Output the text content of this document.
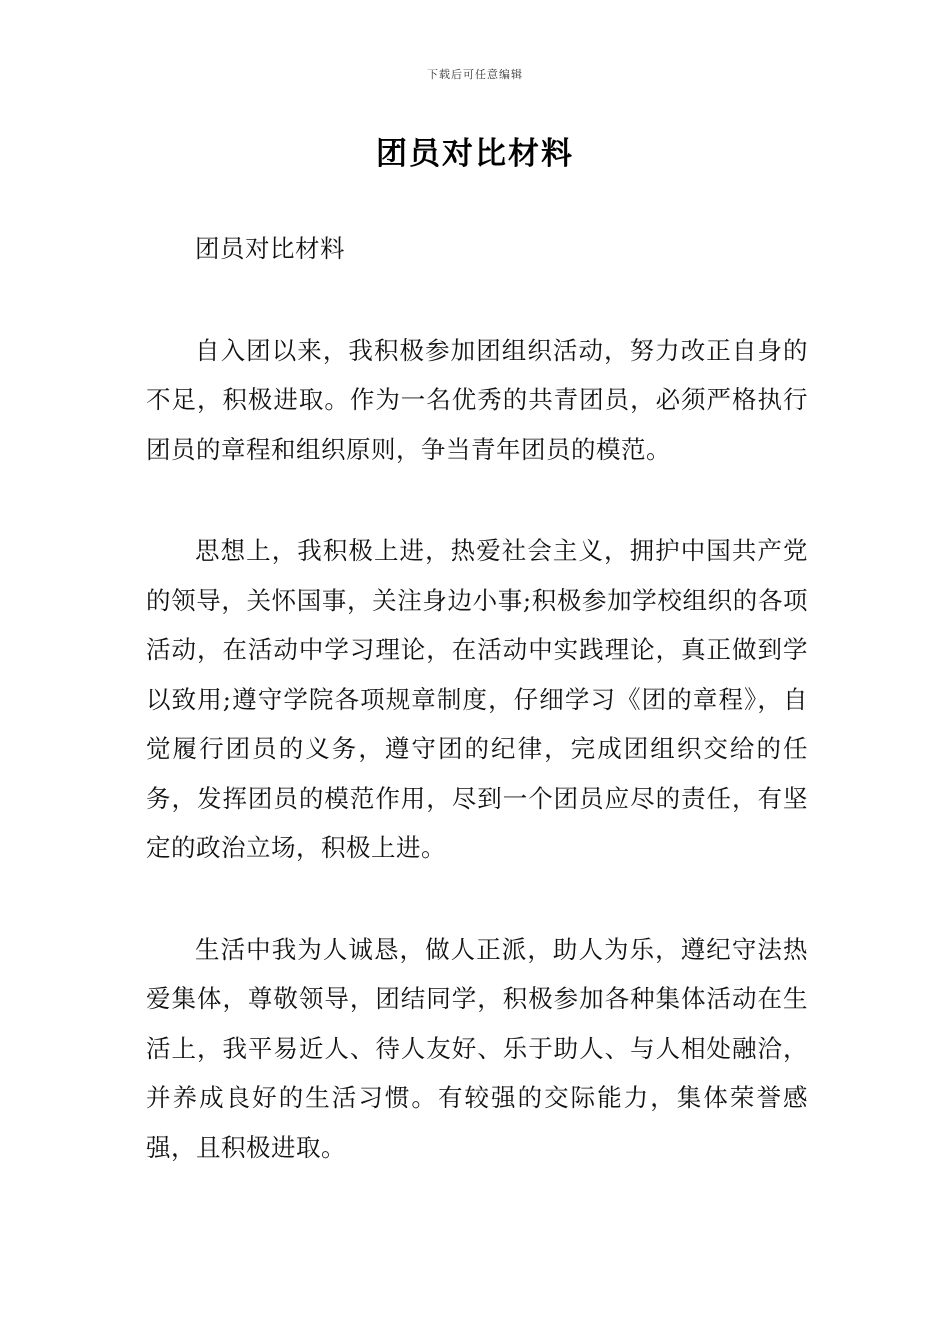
下载后可任意编辑
团员对比材料

团员对比材料

自入团以来，我积极参加团组织活动，努力改正自身的不足，积极进取。作为一名优秀的共青团员，必须严格执行团员的章程和组织原则，争当青年团员的模范。

思想上，我积极上进，热爱社会主义，拥护中国共产党的领导，关怀国事，关注身边小事;积极参加学校组织的各项活动，在活动中学习理论，在活动中实践理论，真正做到学以致用;遵守学院各项规章制度，仔细学习《团的章程》，自觉履行团员的义务，遵守团的纪律，完成团组织交给的任务，发挥团员的模范作用，尽到一个团员应尽的责任，有坚定的政治立场，积极上进。

生活中我为人诚恳，做人正派，助人为乐，遵纪守法热爱集体，尊敬领导，团结同学，积极参加各种集体活动在生活上，我平易近人、待人友好、乐于助人、与人相处融洽，并养成良好的生活习惯。有较强的交际能力，集体荣誉感强，且积极进取。
